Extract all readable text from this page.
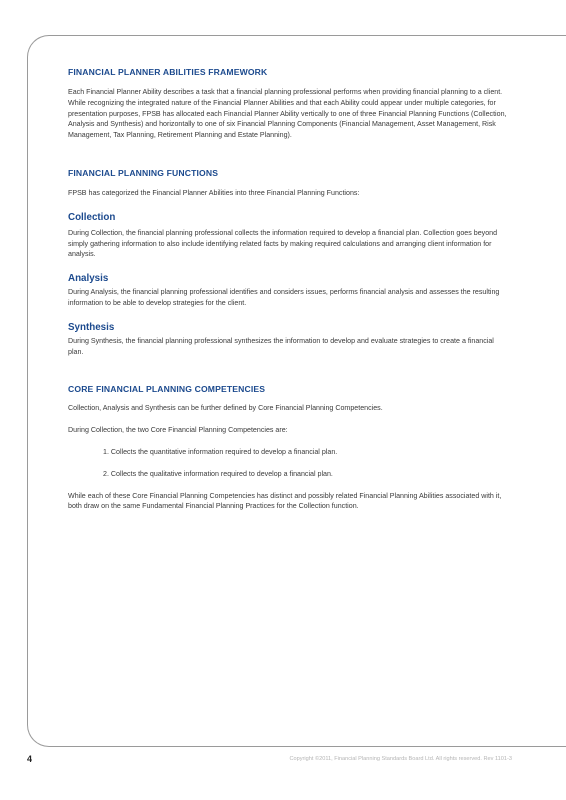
FINANCIAL PLANNER ABILITIES FRAMEWORK

Each Financial Planner Ability describes a task that a financial planning professional performs when providing financial planning to a client. While recognizing the integrated nature of the Financial Planner Abilities and that each Ability could appear under multiple categories, for presentation purposes, FPSB has allocated each Financial Planner Ability vertically to one of three Financial Planning Functions (Collection, Analysis and Synthesis) and horizontally to one of six Financial Planning Components (Financial Management, Asset Management, Risk Management, Tax Planning, Retirement Planning and Estate Planning).

FINANCIAL PLANNING FUNCTIONS

FPSB has categorized the Financial Planner Abilities into three Financial Planning Functions:

Collection

During Collection, the financial planning professional collects the information required to develop a financial plan. Collection goes beyond simply gathering information to also include identifying related facts by making required calculations and arranging client information for analysis.

Analysis

During Analysis, the financial planning professional identifies and considers issues, performs financial analysis and assesses the resulting information to be able to develop strategies for the client.

Synthesis

During Synthesis, the financial planning professional synthesizes the information to develop and evaluate strategies to create a financial plan.

CORE FINANCIAL PLANNING COMPETENCIES

Collection, Analysis and Synthesis can be further defined by Core Financial Planning Competencies.

During Collection, the two Core Financial Planning Competencies are:

1. Collects the quantitative information required to develop a financial plan.
2. Collects the qualitative information required to develop a financial plan.

While each of these Core Financial Planning Competencies has distinct and possibly related Financial Planning Abilities associated with it, both draw on the same Fundamental Financial Planning Practices for the Collection function.

4	Copyright ©2011, Financial Planning Standards Board Ltd. All rights reserved. Rev 1101-3
